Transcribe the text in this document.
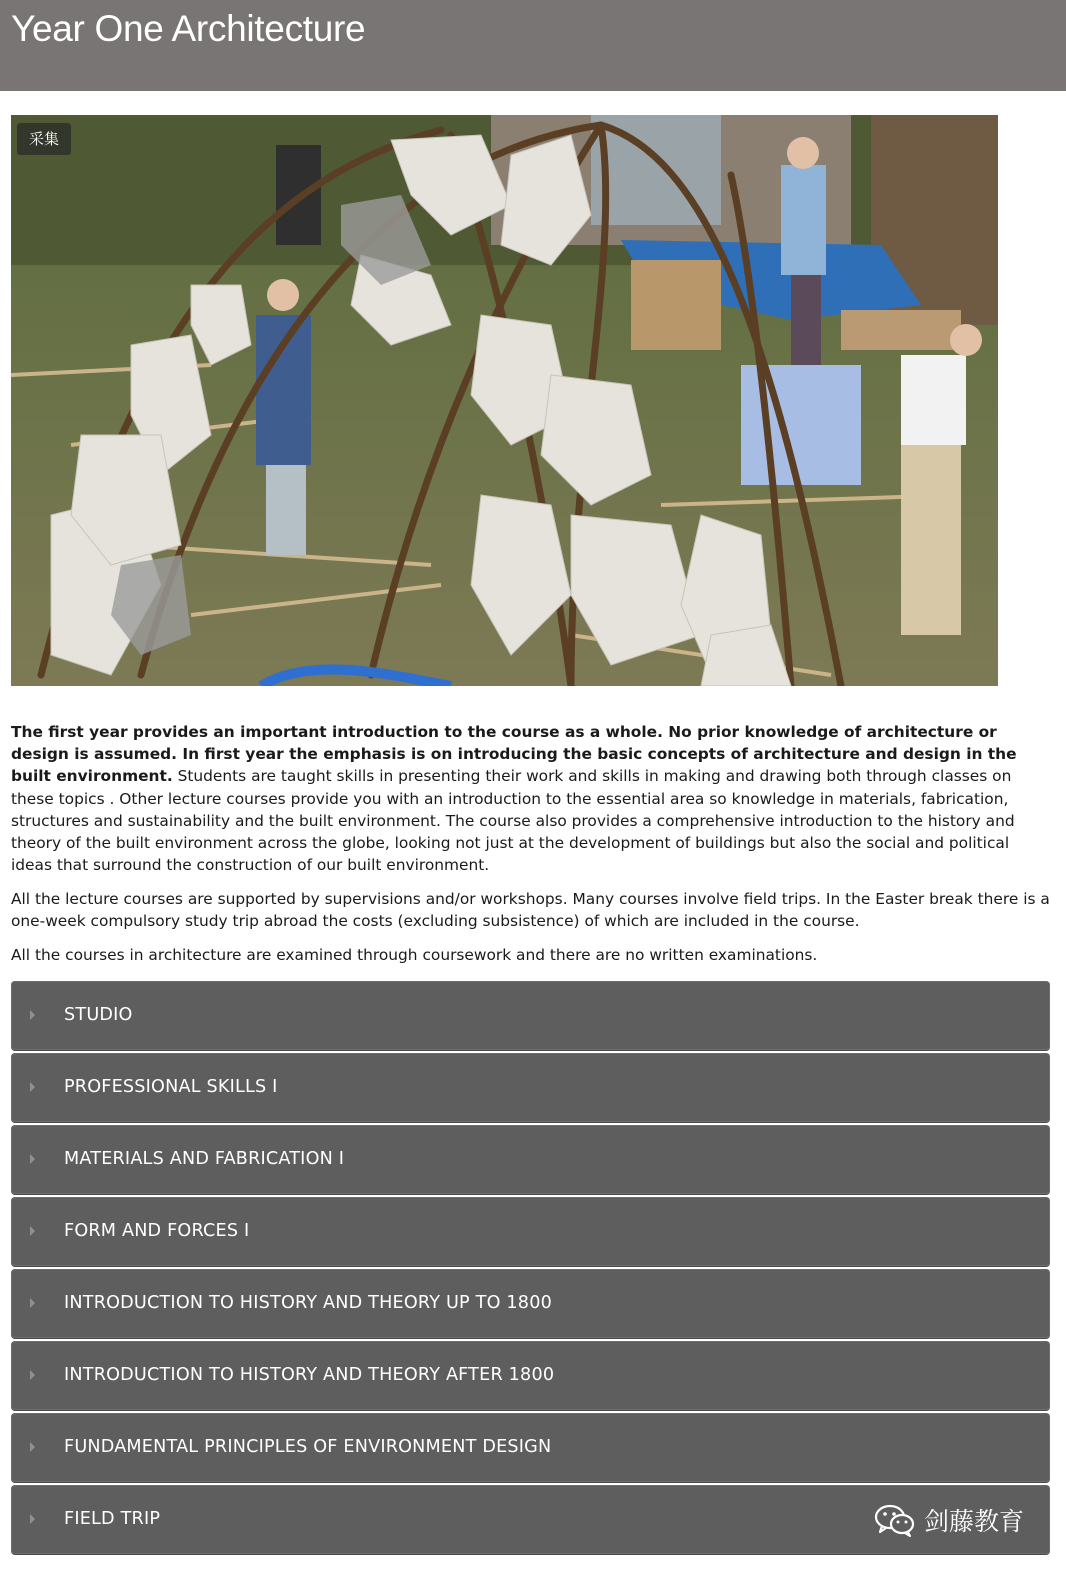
Year One Architecture
采集

The first year provides an important introduction to the course as a whole. No prior knowledge of architecture or design is assumed. In first year the emphasis is on introducing the basic concepts of architecture and design in the built environment. Students are taught skills in presenting their work and skills in making and drawing both through classes on these topics . Other lecture courses provide you with an introduction to the essential area so knowledge in materials, fabrication, structures and sustainability and the built environment. The course also provides a comprehensive introduction to the history and theory of the built environment across the globe, looking not just at the development of buildings but also the social and political ideas that surround the construction of our built environment.

All the lecture courses are supported by supervisions and/or workshops. Many courses involve field trips. In the Easter break there is a one-week compulsory study trip abroad the costs (excluding subsistence) of which are included in the course.

All the courses in architecture are examined through coursework and there are no written examinations.

STUDIO
PROFESSIONAL SKILLS I
MATERIALS AND FABRICATION I
FORM AND FORCES I
INTRODUCTION TO HISTORY AND THEORY UP TO 1800
INTRODUCTION TO HISTORY AND THEORY AFTER 1800
FUNDAMENTAL PRINCIPLES OF ENVIRONMENT DESIGN
FIELD TRIP	剑藤教育
